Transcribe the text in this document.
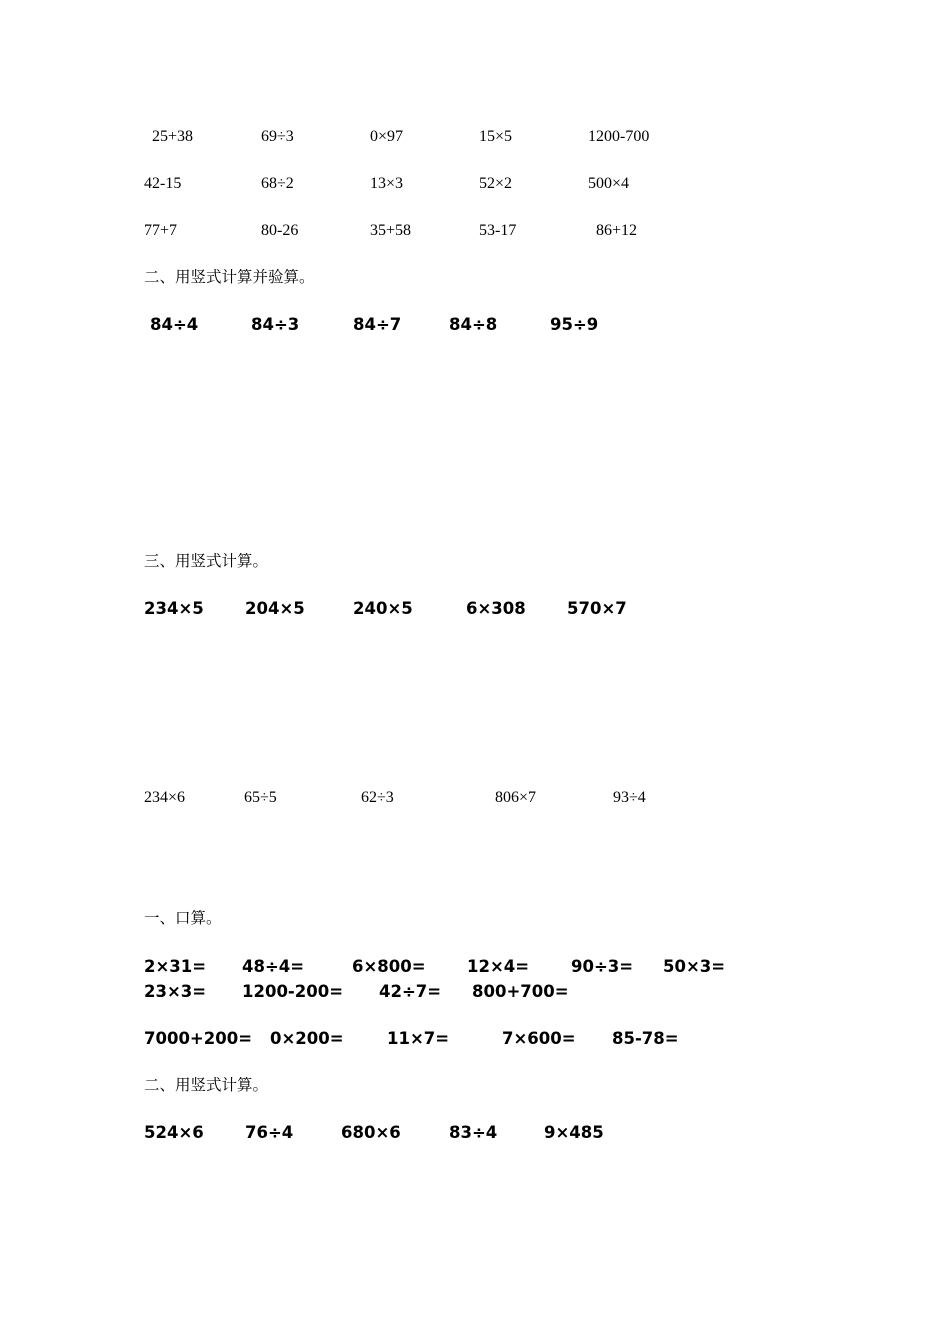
25+38	69÷3	0×97	15×5	1200-700
42-15	68÷2	13×3	52×2	500×4
77+7	80-26	35+58	53-17	86+12
二、用竖式计算并验算。
84÷4	84÷3	84÷7	84÷8	95÷9
三、用竖式计算。
234×5	204×5	240×5	6×308	570×7
234×6	65÷5	62÷3	806×7	93÷4
一、口算。
2×31= 48÷4=	6×800=	12×4=	90÷3= 50×3=
23×3= 1200-200= 42÷7= 800+700=
7000+200= 0×200=	11×7=	7×600= 85-78=
二、用竖式计算。
524×6	76÷4	680×6	83÷4	9×485
